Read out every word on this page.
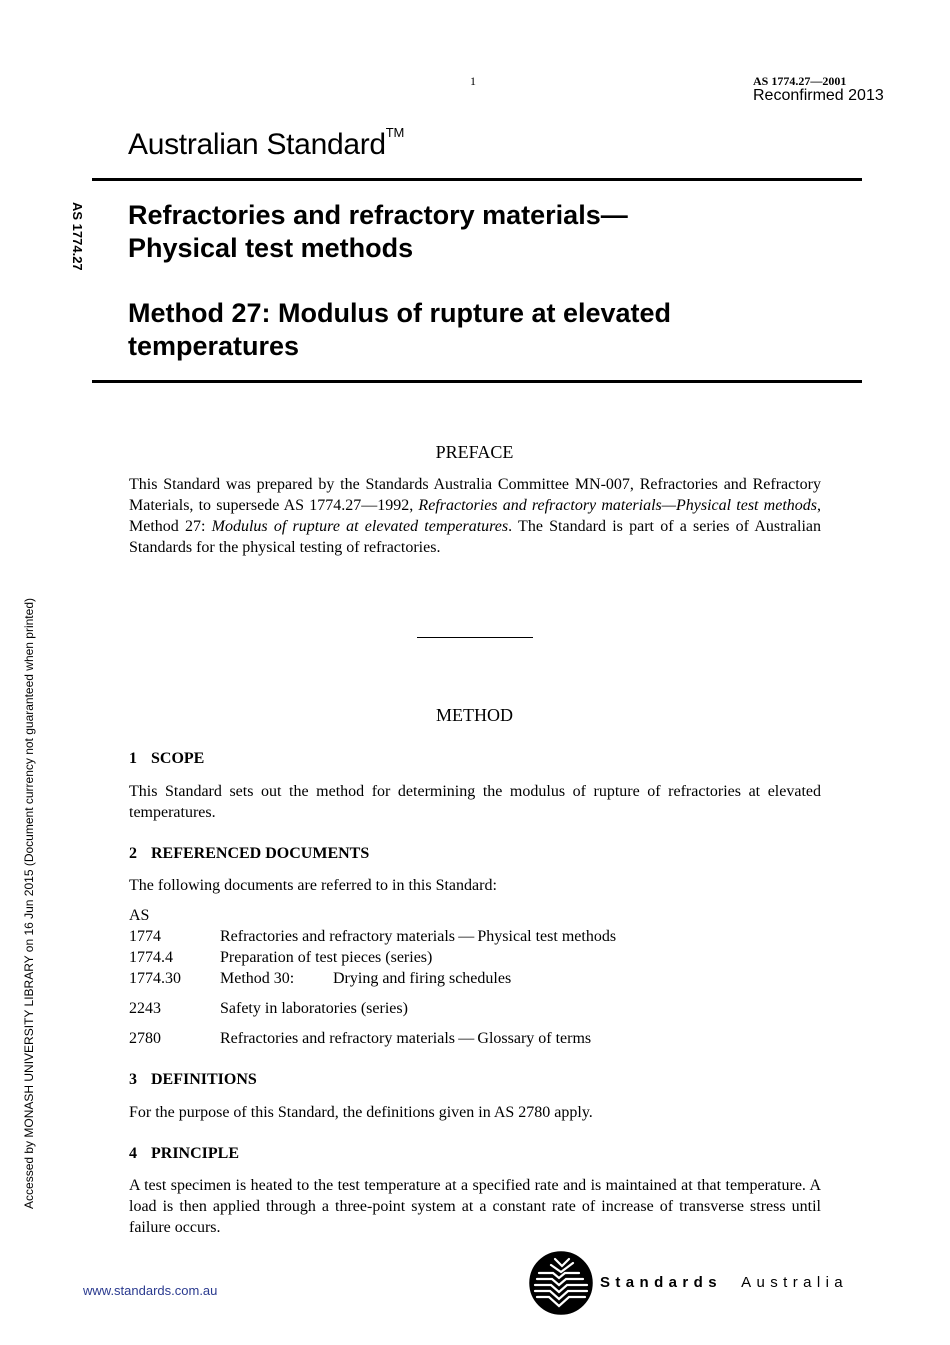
1	AS 1774.27—2001
Reconfirmed 2013
Australian Standard™
AS 1774.27
Accessed by MONASH UNIVERSITY LIBRARY on 16 Jun 2015 (Document currency not guaranteed when printed)
Refractories and refractory materials—
Physical test methods
Method 27: Modulus of rupture at elevated
temperatures
PREFACE
This Standard was prepared by the Standards Australia Committee MN-007, Refractories and Refractory Materials, to supersede AS 1774.27—1992, Refractories and refractory materials—Physical test methods, Method 27: Modulus of rupture at elevated temperatures. The Standard is part of a series of Australian Standards for the physical testing of refractories.
METHOD
1 SCOPE
This Standard sets out the method for determining the modulus of rupture of refractories at elevated temperatures.
2 REFERENCED DOCUMENTS
The following documents are referred to in this Standard:
AS
1774	Refractories and refractory materials — Physical test methods
1774.4	Preparation of test pieces (series)
1774.30 Method 30: Drying and firing schedules
2243	Safety in laboratories (series)
2780	Refractories and refractory materials — Glossary of terms
3 DEFINITIONS
For the purpose of this Standard, the definitions given in AS 2780 apply.
4 PRINCIPLE
A test specimen is heated to the test temperature at a specified rate and is maintained at that temperature. A load is then applied through a three-point system at a constant rate of increase of transverse stress until failure occurs.
www.standards.com.au	Standards Australia
